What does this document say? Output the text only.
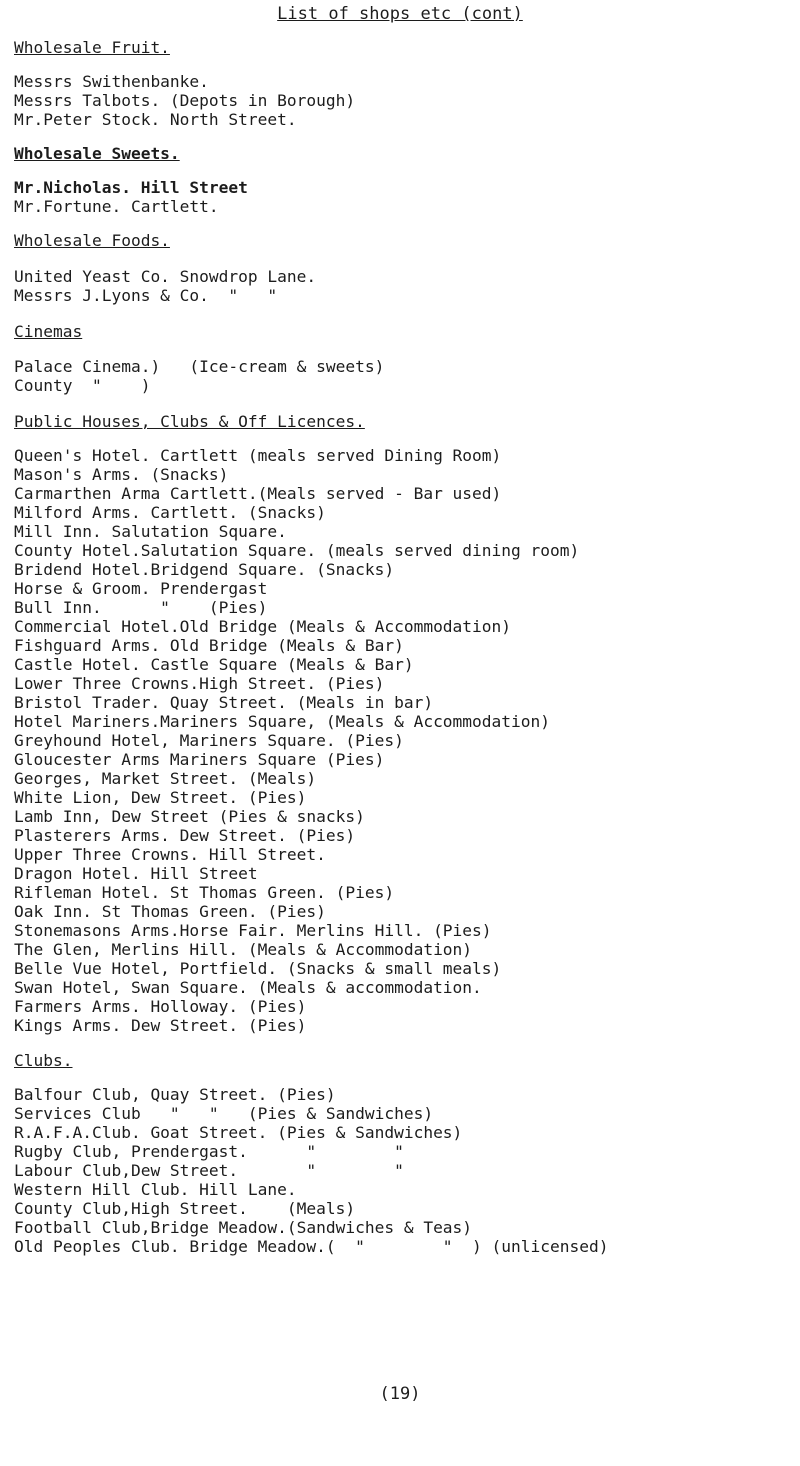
List of shops etc (cont)
Wholesale Fruit.
Messrs Swithenbanke.
Messrs Talbots. (Depots in Borough)
Mr.Peter Stock. North Street.
Wholesale Sweets.
Mr.Nicholas. Hill Street
Mr.Fortune. Cartlett.
Wholesale Foods.
United Yeast Co. Snowdrop Lane.
Messrs J.Lyons & Co.  "   "
Cinemas
Palace Cinema.)   (Ice-cream & sweets)
County  "    )
Public Houses, Clubs & Off Licences.
Queen's Hotel. Cartlett (meals served Dining Room)
Mason's Arms. (Snacks)
Carmarthen Arma Cartlett.(Meals served - Bar used)
Milford Arms. Cartlett. (Snacks)
Mill Inn. Salutation Square.
County Hotel.Salutation Square. (meals served dining room)
Bridend Hotel.Bridgend Square. (Snacks)
Horse & Groom. Prendergast
Bull Inn.      "    (Pies)
Commercial Hotel.Old Bridge (Meals & Accommodation)
Fishguard Arms. Old Bridge (Meals & Bar)
Castle Hotel. Castle Square (Meals & Bar)
Lower Three Crowns.High Street. (Pies)
Bristol Trader. Quay Street. (Meals in bar)
Hotel Mariners.Mariners Square, (Meals & Accommodation)
Greyhound Hotel, Mariners Square. (Pies)
Gloucester Arms Mariners Square (Pies)
Georges, Market Street. (Meals)
White Lion, Dew Street. (Pies)
Lamb Inn, Dew Street (Pies & snacks)
Plasterers Arms. Dew Street. (Pies)
Upper Three Crowns. Hill Street.
Dragon Hotel. Hill Street
Rifleman Hotel. St Thomas Green. (Pies)
Oak Inn. St Thomas Green. (Pies)
Stonemasons Arms.Horse Fair. Merlins Hill. (Pies)
The Glen, Merlins Hill. (Meals & Accommodation)
Belle Vue Hotel, Portfield. (Snacks & small meals)
Swan Hotel, Swan Square. (Meals & accommodation.
Farmers Arms. Holloway. (Pies)
Kings Arms. Dew Street. (Pies)
Clubs.
Balfour Club, Quay Street. (Pies)
Services Club   "   "   (Pies & Sandwiches)
R.A.F.A.Club. Goat Street. (Pies & Sandwiches)
Rugby Club, Prendergast.      "        "
Labour Club,Dew Street.       "        "
Western Hill Club. Hill Lane.
County Club,High Street.    (Meals)
Football Club,Bridge Meadow.(Sandwiches & Teas)
Old Peoples Club. Bridge Meadow.(  "        "  ) (unlicensed)
(19)
